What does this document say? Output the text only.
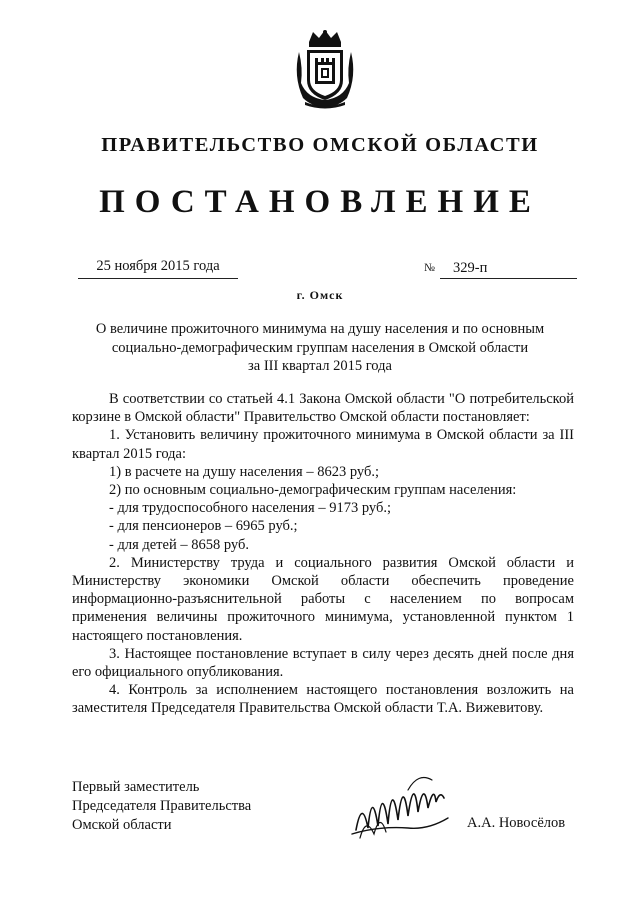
ПРАВИТЕЛЬСТВО ОМСКОЙ ОБЛАСТИ
ПОСТАНОВЛЕНИЕ
25 ноября 2015 года	№ 329-п
г. Омск
О величине прожиточного минимума на душу населения и по основным
социально-демографическим группам населения в Омской области
за III квартал 2015 года

В соответствии со статьей 4.1 Закона Омской области "О потребительской корзине в Омской области" Правительство Омской области постановляет:

1. Установить величину прожиточного минимума в Омской области за III квартал 2015 года:

1) в расчете на душу населения – 8623 руб.;

2) по основным социально-демографическим группам населения:

- для трудоспособного населения – 9173 руб.;

- для пенсионеров – 6965 руб.;

- для детей – 8658 руб.

2. Министерству труда и социального развития Омской области и Министерству экономики Омской области обеспечить проведение информационно-разъяснительной работы с населением по вопросам применения величины прожиточного минимума, установленной пунктом 1 настоящего постановления.

3. Настоящее постановление вступает в силу через десять дней после дня его официального опубликования.

4. Контроль за исполнением настоящего постановления возложить на заместителя Председателя Правительства Омской области Т.А. Вижевитову.

Первый заместитель
Председателя Правительства
Омской области	А.А. Новосёлов
